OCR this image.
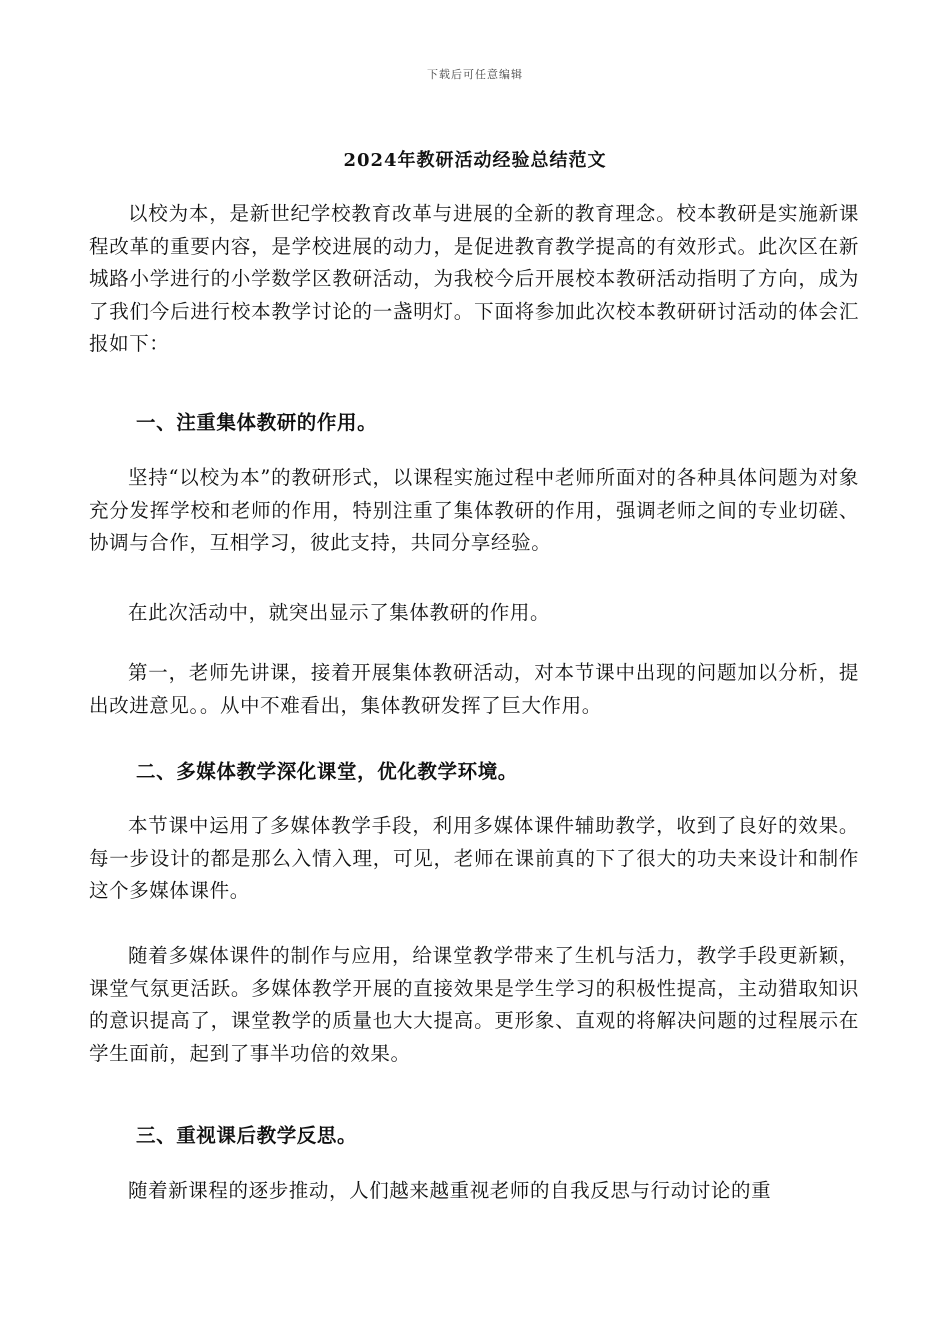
下载后可任意编辑
2024年教研活动经验总结范文

以校为本，是新世纪学校教育改革与进展的全新的教育理念。校本教研是实施新课程改革的重要内容，是学校进展的动力，是促进教育教学提高的有效形式。此次区在新城路小学进行的小学数学区教研活动，为我校今后开展校本教研活动指明了方向，成为了我们今后进行校本教学讨论的一盏明灯。下面将参加此次校本教研研讨活动的体会汇报如下：

一、注重集体教研的作用。

坚持“以校为本”的教研形式，以课程实施过程中老师所面对的各种具体问题为对象充分发挥学校和老师的作用，特别注重了集体教研的作用，强调老师之间的专业切磋、协调与合作，互相学习，彼此支持，共同分享经验。

在此次活动中，就突出显示了集体教研的作用。

第一，老师先讲课，接着开展集体教研活动，对本节课中出现的问题加以分析，提出改进意见。。从中不难看出，集体教研发挥了巨大作用。

二、多媒体教学深化课堂，优化教学环境。

本节课中运用了多媒体教学手段，利用多媒体课件辅助教学，收到了良好的效果。每一步设计的都是那么入情入理，可见，老师在课前真的下了很大的功夫来设计和制作这个多媒体课件。

随着多媒体课件的制作与应用，给课堂教学带来了生机与活力，教学手段更新颖，课堂气氛更活跃。多媒体教学开展的直接效果是学生学习的积极性提高，主动猎取知识的意识提高了，课堂教学的质量也大大提高。更形象、直观的将解决问题的过程展示在学生面前，起到了事半功倍的效果。

三、重视课后教学反思。

随着新课程的逐步推动，人们越来越重视老师的自我反思与行动讨论的重
